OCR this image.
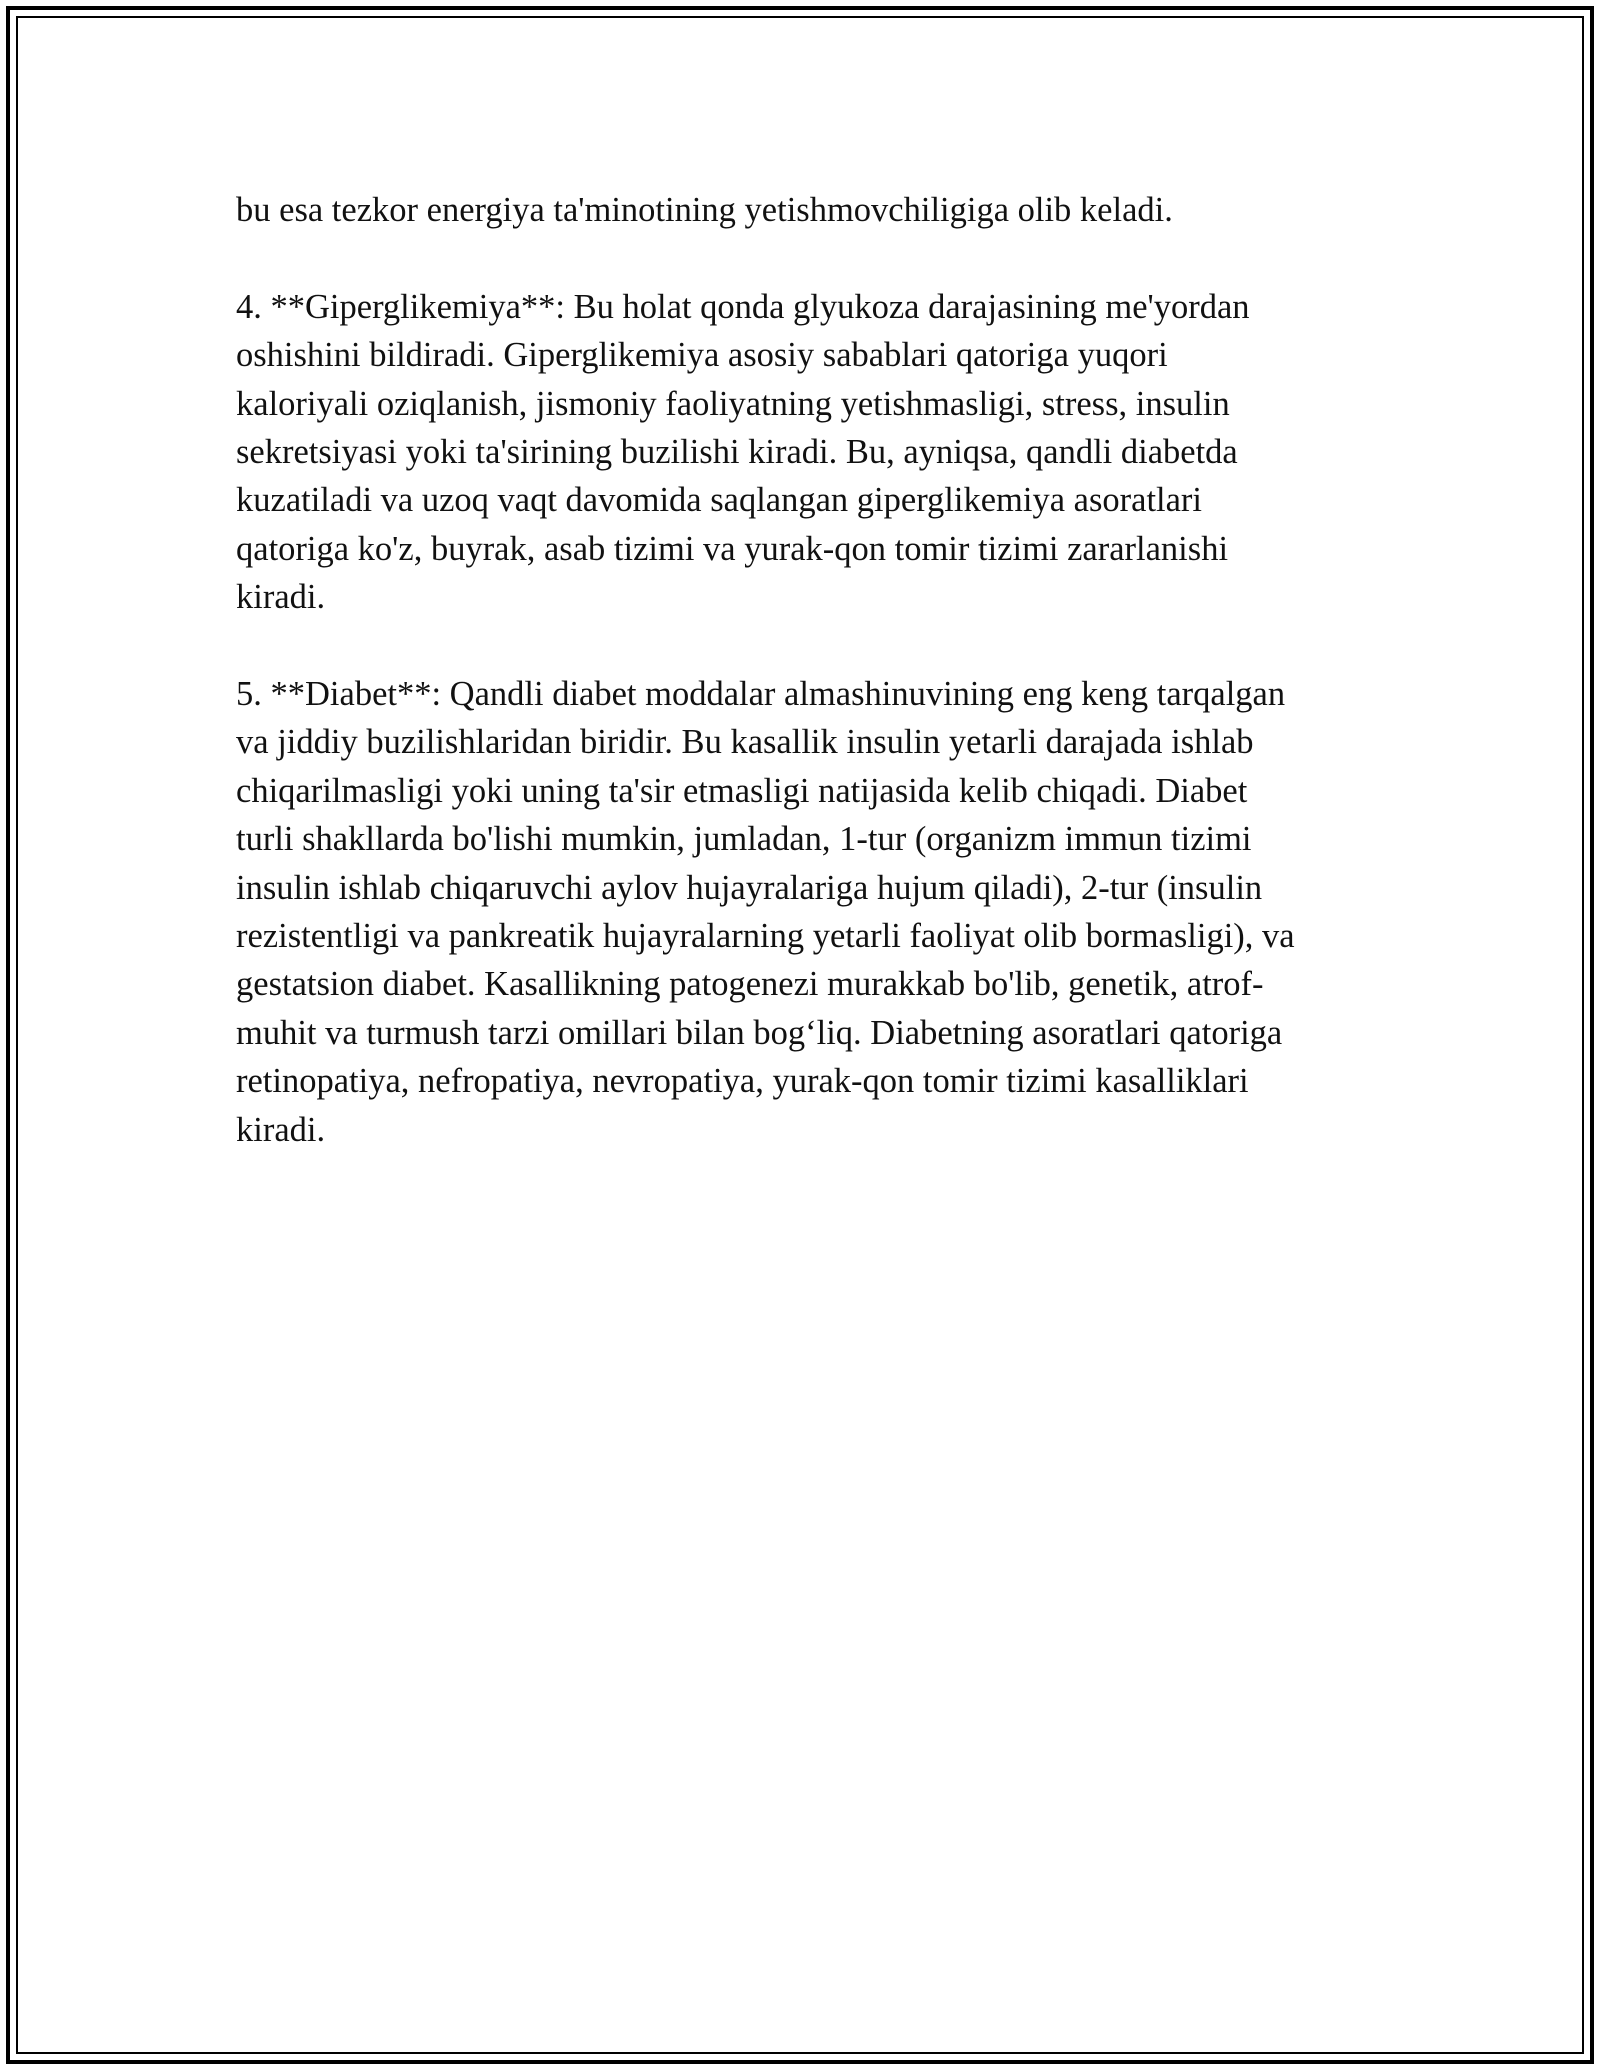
bu esa tezkor energiya ta'minotining yetishmovchiligiga olib keladi.

4. **Giperglikemiya**: Bu holat qonda glyukoza darajasining me'yordan
oshishini bildiradi. Giperglikemiya asosiy sabablari qatoriga yuqori
kaloriyali oziqlanish, jismoniy faoliyatning yetishmasligi, stress, insulin
sekretsiyasi yoki ta'sirining buzilishi kiradi. Bu, ayniqsa, qandli diabetda
kuzatiladi va uzoq vaqt davomida saqlangan giperglikemiya asoratlari
qatoriga ko'z, buyrak, asab tizimi va yurak-qon tomir tizimi zararlanishi
kiradi.

5. **Diabet**: Qandli diabet moddalar almashinuvining eng keng tarqalgan
va jiddiy buzilishlaridan biridir. Bu kasallik insulin yetarli darajada ishlab
chiqarilmasligi yoki uning ta'sir etmasligi natijasida kelib chiqadi. Diabet
turli shakllarda bo'lishi mumkin, jumladan, 1-tur (organizm immun tizimi
insulin ishlab chiqaruvchi aylov hujayralariga hujum qiladi), 2-tur (insulin
rezistentligi va pankreatik hujayralarning yetarli faoliyat olib bormasligi), va
gestatsion diabet. Kasallikning patogenezi murakkab bo'lib, genetik, atrof-
muhit va turmush tarzi omillari bilan bog‘liq. Diabetning asoratlari qatoriga
retinopatiya, nefropatiya, nevropatiya, yurak-qon tomir tizimi kasalliklari
kiradi.
